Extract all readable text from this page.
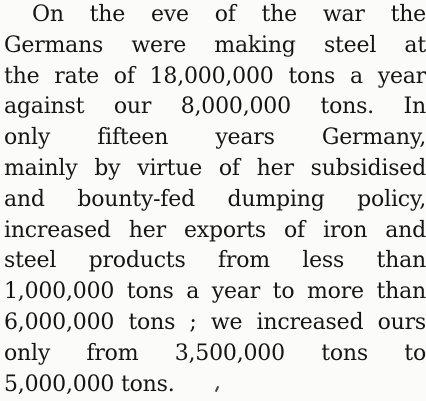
On the eve of the war the
Germans were making steel at
the rate of 18,000,000 tons a year
against our 8,000,000 tons. In
only fifteen years Germany,
mainly by virtue of her subsidised
and bounty-fed dumping policy,
increased her exports of iron and
steel products from less than
1,000,000 tons a year to more than
6,000,000 tons ; we increased ours
only from 3,500,000 tons to
5,000,000 tons.
